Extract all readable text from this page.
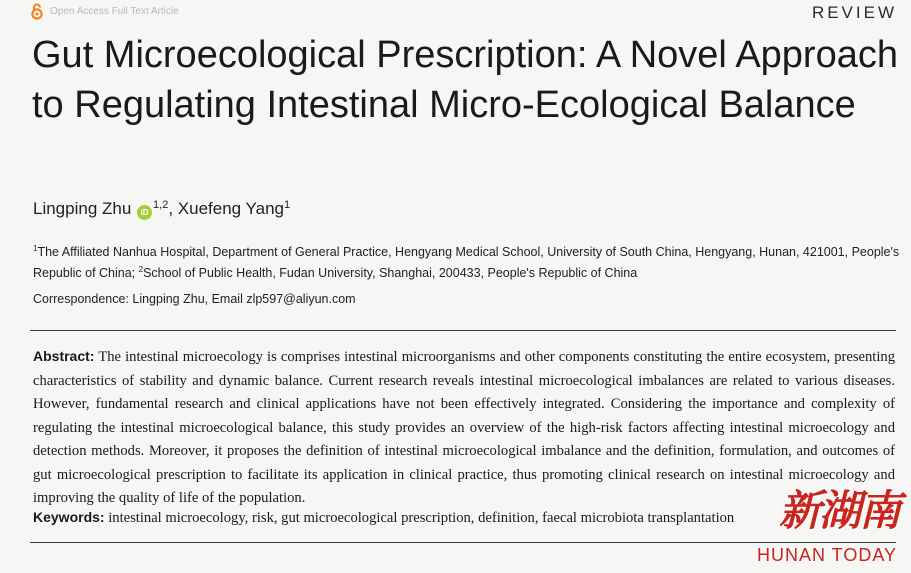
Open Access Full Text Article	REVIEW
Gut Microecological Prescription: A Novel Approach to Regulating Intestinal Micro-Ecological Balance
Lingping Zhu iD$^{1,2}$, Xuefeng Yang$^1$
$^1$The Affiliated Nanhua Hospital, Department of General Practice, Hengyang Medical School, University of South China, Hengyang, Hunan, 421001, People's Republic of China; $^2$School of Public Health, Fudan University, Shanghai, 200433, People's Republic of China
Correspondence: Lingping Zhu, Email zlp597@aliyun.com
Abstract: The intestinal microecology is comprises intestinal microorganisms and other components constituting the entire ecosystem, presenting characteristics of stability and dynamic balance. Current research reveals intestinal microecological imbalances are related to various diseases. However, fundamental research and clinical applications have not been effectively integrated. Considering the importance and complexity of regulating the intestinal microecological balance, this study provides an overview of the high-risk factors affecting intestinal microecology and detection methods. Moreover, it proposes the definition of intestinal microecological imbalance and the definition, formulation, and outcomes of gut microecological prescription to facilitate its application in clinical practice, thus promoting clinical research on intestinal microecology and improving the quality of life of the population.
Keywords: intestinal microecology, risk, gut microecological prescription, definition, faecal microbiota transplantation	新湖南
HUNAN TODAY
